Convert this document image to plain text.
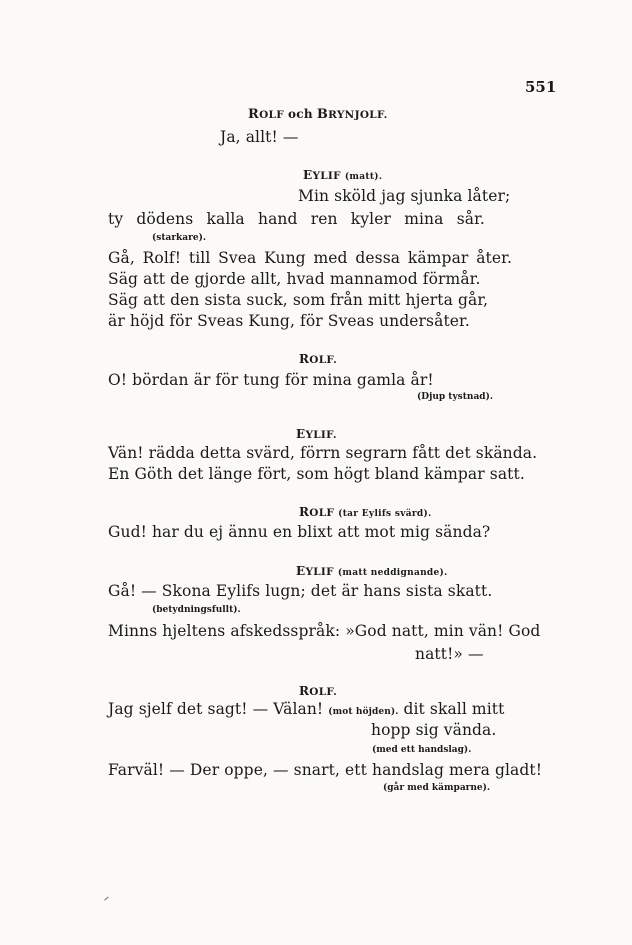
551
ROLF och BRYNJOLF.
Ja, allt! —
EYLIF (matt).
Min sköld jag sjunka låter;
ty dödens kalla hand ren kyler mina sår.
(starkare).
Gå, Rolf! till Svea Kung med dessa kämpar åter.
Säg att de gjorde allt, hvad mannamod förmår.
Säg att den sista suck, som från mitt hjerta går,
är höjd för Sveas Kung, för Sveas undersåter.
ROLF.
O! bördan är för tung för mina gamla år!
(Djup tystnad).
EYLIF.
Vän! rädda detta svärd, förrn segrarn fått det skända.
En Göth det länge fört, som högt bland kämpar satt.
ROLF (tar Eylifs svärd).
Gud! har du ej ännu en blixt att mot mig sända?
EYLIF (matt neddignande).
Gå! — Skona Eylifs lugn; det är hans sista skatt.
(betydningsfullt).
Minns hjeltens afskedsspråk: »God natt, min vän! God
natt!» —
ROLF.
Jag sjelf det sagt! — Välan! (mot höjden). dit skall mitt
hopp sig vända.
(med ett handslag).
Farväl! — Der oppe, — snart, ett handslag mera gladt!
(går med kämparne).
